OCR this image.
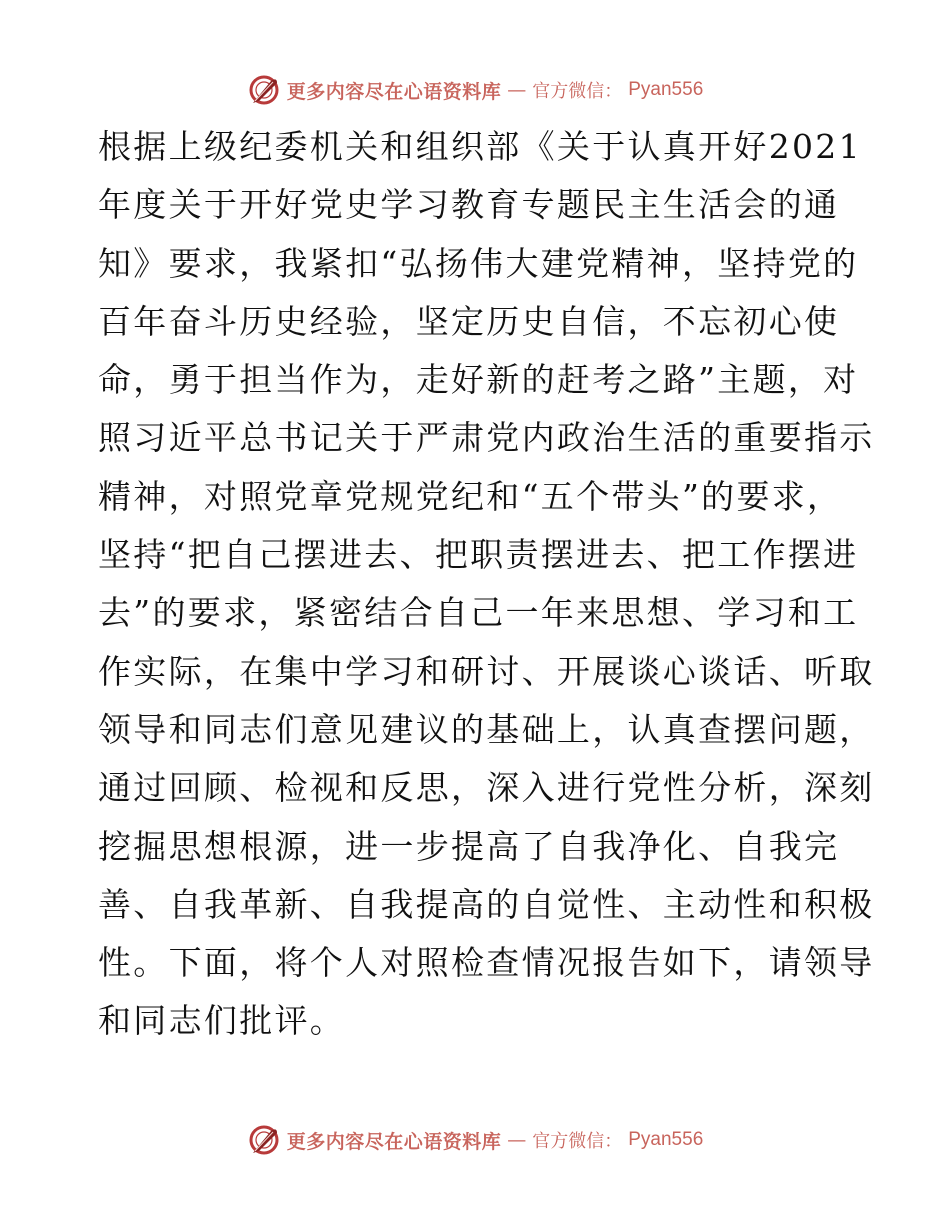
更多内容尽在心语资料库 — 官方微信： Pyan556
根据上级纪委机关和组织部《关于认真开好2021
年度关于开好党史学习教育专题民主生活会的通
知》要求，我紧扣“弘扬伟大建党精神，坚持党的
百年奋斗历史经验，坚定历史自信，不忘初心使
命，勇于担当作为，走好新的赶考之路”主题，对
照习近平总书记关于严肃党内政治生活的重要指示
精神，对照党章党规党纪和“五个带头”的要求，
坚持“把自己摆进去、把职责摆进去、把工作摆进
去”的要求，紧密结合自己一年来思想、学习和工
作实际，在集中学习和研讨、开展谈心谈话、听取
领导和同志们意见建议的基础上，认真查摆问题，
通过回顾、检视和反思，深入进行党性分析，深刻
挖掘思想根源，进一步提高了自我净化、自我完
善、自我革新、自我提高的自觉性、主动性和积极
性。下面，将个人对照检查情况报告如下，请领导
和同志们批评。
更多内容尽在心语资料库 — 官方微信： Pyan556
